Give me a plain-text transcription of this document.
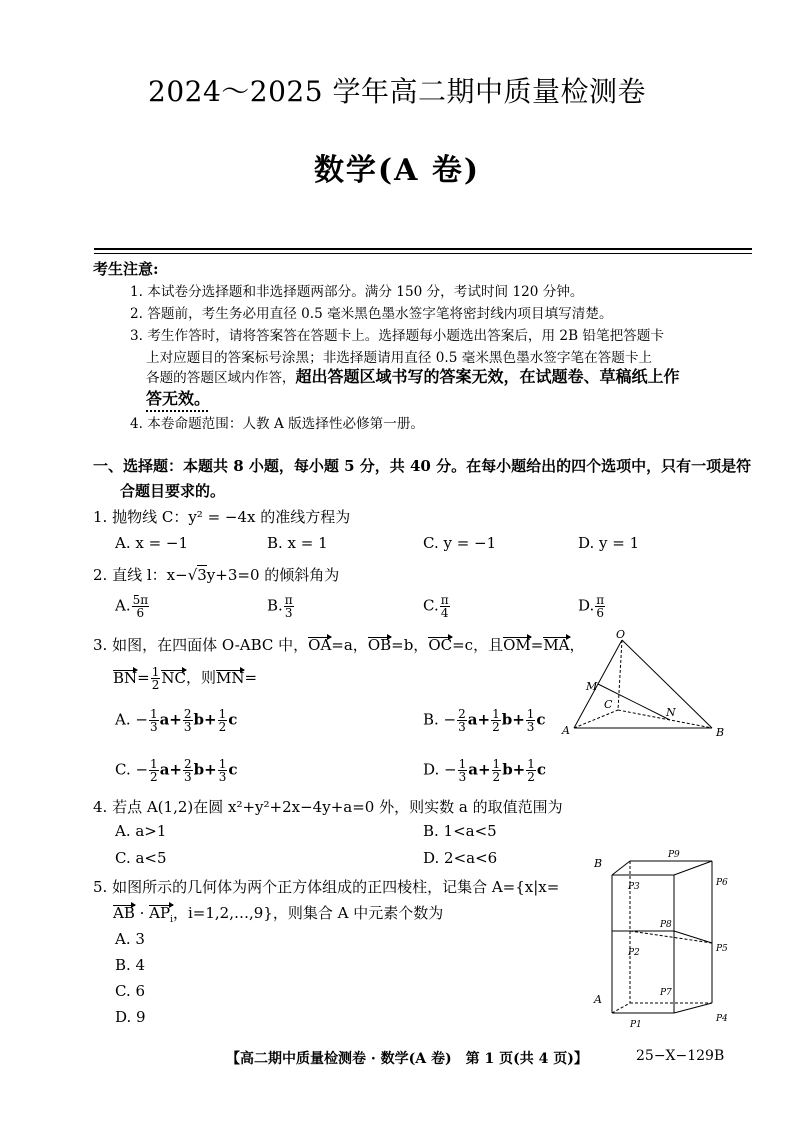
2024～2025 学年高二期中质量检测卷
数学(A 卷)
考生注意:
1. 本试卷分选择题和非选择题两部分。满分 150 分，考试时间 120 分钟。
2. 答题前，考生务必用直径 0.5 毫米黑色墨水签字笔将密封线内项目填写清楚。
3. 考生作答时，请将答案答在答题卡上。选择题每小题选出答案后，用 2B 铅笔把答题卡
上对应题目的答案标号涂黑；非选择题请用直径 0.5 毫米黑色墨水签字笔在答题卡上
各题的答题区域内作答，超出答题区域书写的答案无效，在试题卷、草稿纸上作
答无效。
4. 本卷命题范围：人教 A 版选择性必修第一册。
一、选择题：本题共 8 小题，每小题 5 分，共 40 分。在每小题给出的四个选项中，只有一项是符
合题目要求的。
1. 抛物线 C：y² = −4x 的准线方程为
A. x = −1	B. x = 1	C. y = −1	D. y = 1
2. 直线 l：x−√3y+3=0 的倾斜角为
A. $\frac{5\pi}{6}$	B. $\frac{\pi}{3}$	C. $\frac{\pi}{4}$	D. $\frac{\pi}{6}$
3. 如图，在四面体 O-ABC 中，OA=a，OB=b，OC=c，且OM=MA，
$BN= \frac{1}{2}$ NC，则MN=
A. − $\frac{1}{3} a+ \frac{2}{3} b+ \frac{1}{2}$ c	B. − $\frac{2}{3} a+ \frac{1}{2} b+ \frac{1}{3}$ c
C. − $\frac{1}{2} a+ \frac{2}{3} b+ \frac{1}{3}$ c	D. − $\frac{1}{3} a+ \frac{1}{2} b+ \frac{1}{2}$ c
O
M
C
N
A	B
4. 若点 A(1,2)在圆 x²+y²+2x−4y+a=0 外，则实数 a 的取值范围为
A. a>1	B. 1<a<5
C. a<5	D. 2<a<6
5. 如图所示的几何体为两个正方体组成的正四棱柱，记集合 A={x|x=
AB · $AP_i$，i=1,2,…,9}，则集合 A 中元素个数为
A. 3
B. 4
C. 6
D. 9
B
P9
P3	P6
P8
P2	P5
A	P7
P1
P4
【高二期中质量检测卷 · 数学(A 卷)　第 1 页(共 4 页)】	25−X−129B
